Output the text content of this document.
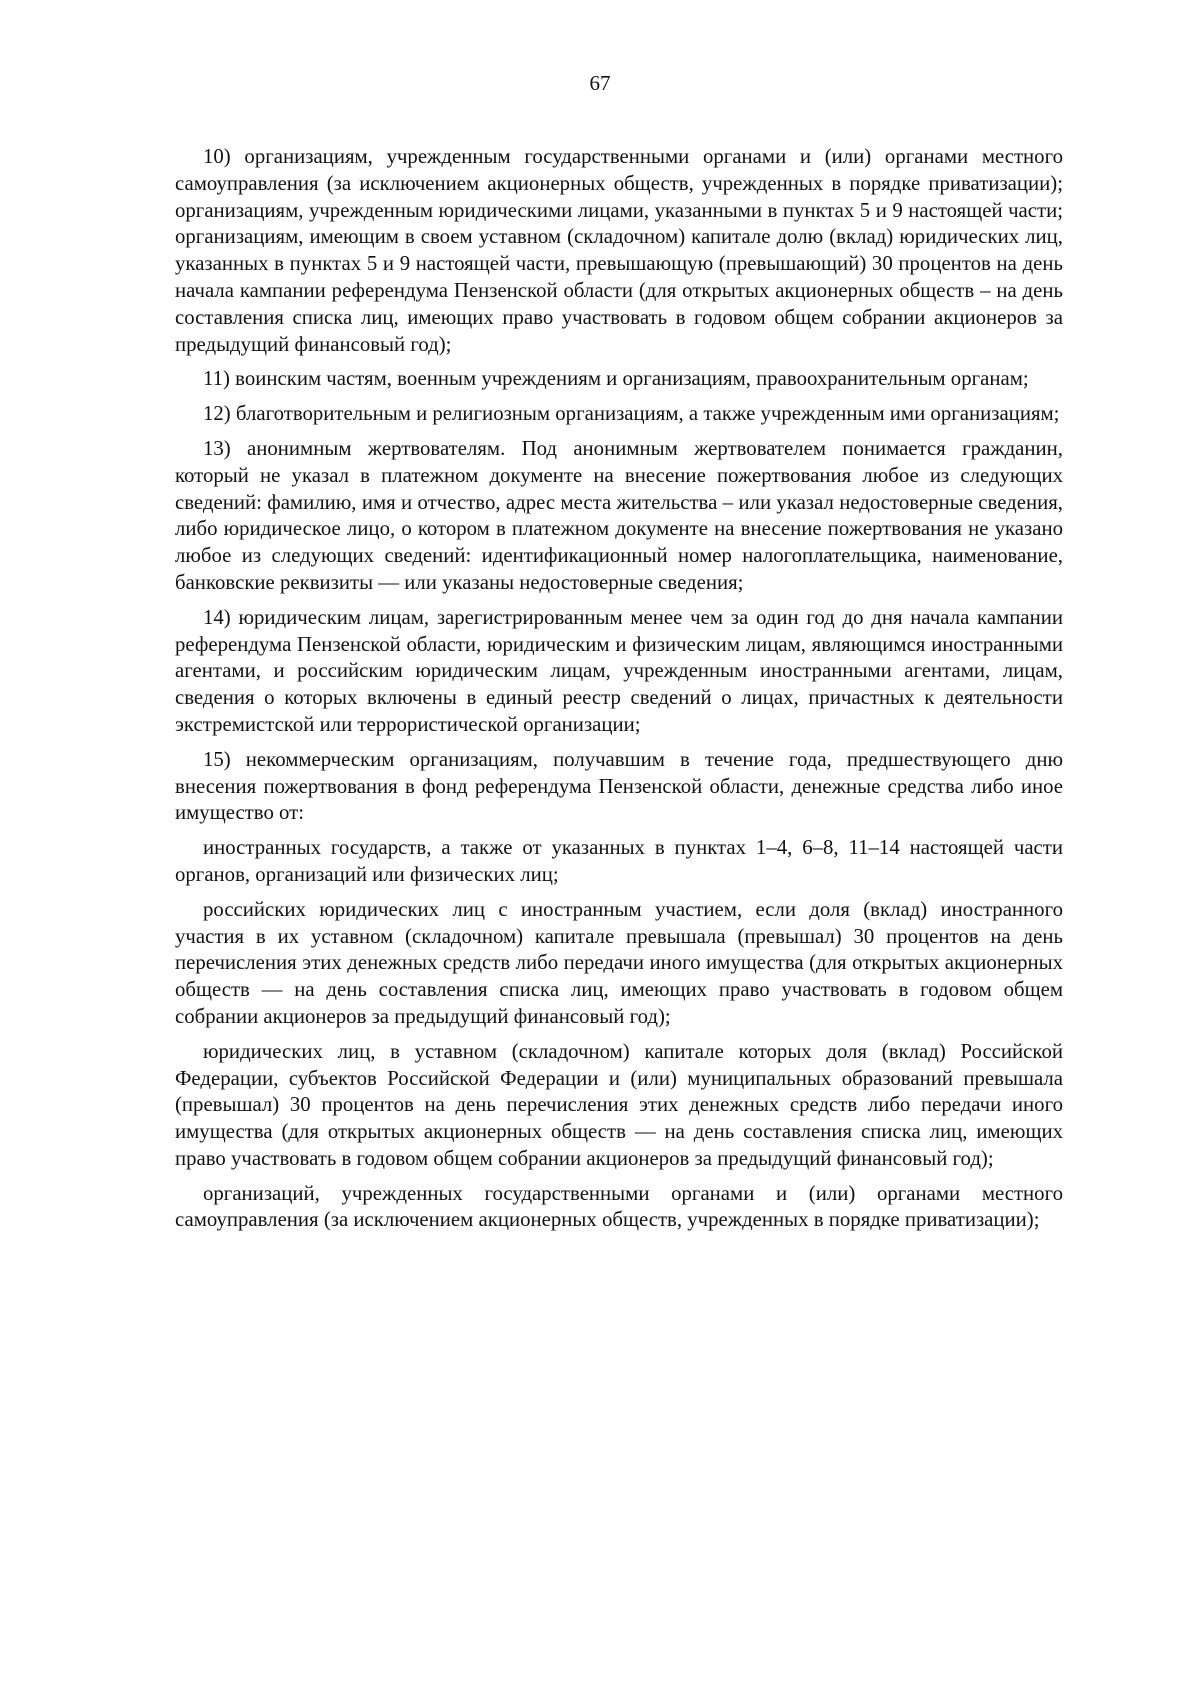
67

10) организациям, учрежденным государственными органами и (или) органами местного самоуправления (за исключением акционерных обществ, учрежденных в порядке приватизации); организациям, учрежденным юридическими лицами, указанными в пунктах 5 и 9 настоящей части; организациям, имеющим в своем уставном (складочном) капитале долю (вклад) юридических лиц, указанных в пунктах 5 и 9 настоящей части, превышающую (превышающий) 30 процентов на день начала кампании референдума Пензенской области (для открытых акционерных обществ – на день составления списка лиц, имеющих право участвовать в годовом общем собрании акционеров за предыдущий финансовый год);

11) воинским частям, военным учреждениям и организациям, правоохранительным органам;

12) благотворительным и религиозным организациям, а также учрежденным ими организациям;

13) анонимным жертвователям. Под анонимным жертвователем понимается гражданин, который не указал в платежном документе на внесение пожертвования любое из следующих сведений: фамилию, имя и отчество, адрес места жительства – или указал недостоверные сведения, либо юридическое лицо, о котором в платежном документе на внесение пожертвования не указано любое из следующих сведений: идентификационный номер налогоплательщика, наименование, банковские реквизиты — или указаны недостоверные сведения;

14) юридическим лицам, зарегистрированным менее чем за один год до дня начала кампании референдума Пензенской области, юридическим и физическим лицам, являющимся иностранными агентами, и российским юридическим лицам, учрежденным иностранными агентами, лицам, сведения о которых включены в единый реестр сведений о лицах, причастных к деятельности экстремистской или террористической организации;

15) некоммерческим организациям, получавшим в течение года, предшествующего дню внесения пожертвования в фонд референдума Пензенской области, денежные средства либо иное имущество от:

иностранных государств, а также от указанных в пунктах 1–4, 6–8, 11–14 настоящей части органов, организаций или физических лиц;

российских юридических лиц с иностранным участием, если доля (вклад) иностранного участия в их уставном (складочном) капитале превышала (превышал) 30 процентов на день перечисления этих денежных средств либо передачи иного имущества (для открытых акционерных обществ — на день составления списка лиц, имеющих право участвовать в годовом общем собрании акционеров за предыдущий финансовый год);

юридических лиц, в уставном (складочном) капитале которых доля (вклад) Российской Федерации, субъектов Российской Федерации и (или) муниципальных образований превышала (превышал) 30 процентов на день перечисления этих денежных средств либо передачи иного имущества (для открытых акционерных обществ — на день составления списка лиц, имеющих право участвовать в годовом общем собрании акционеров за предыдущий финансовый год);

организаций, учрежденных государственными органами и (или) органами местного самоуправления (за исключением акционерных обществ, учрежденных в порядке приватизации);
